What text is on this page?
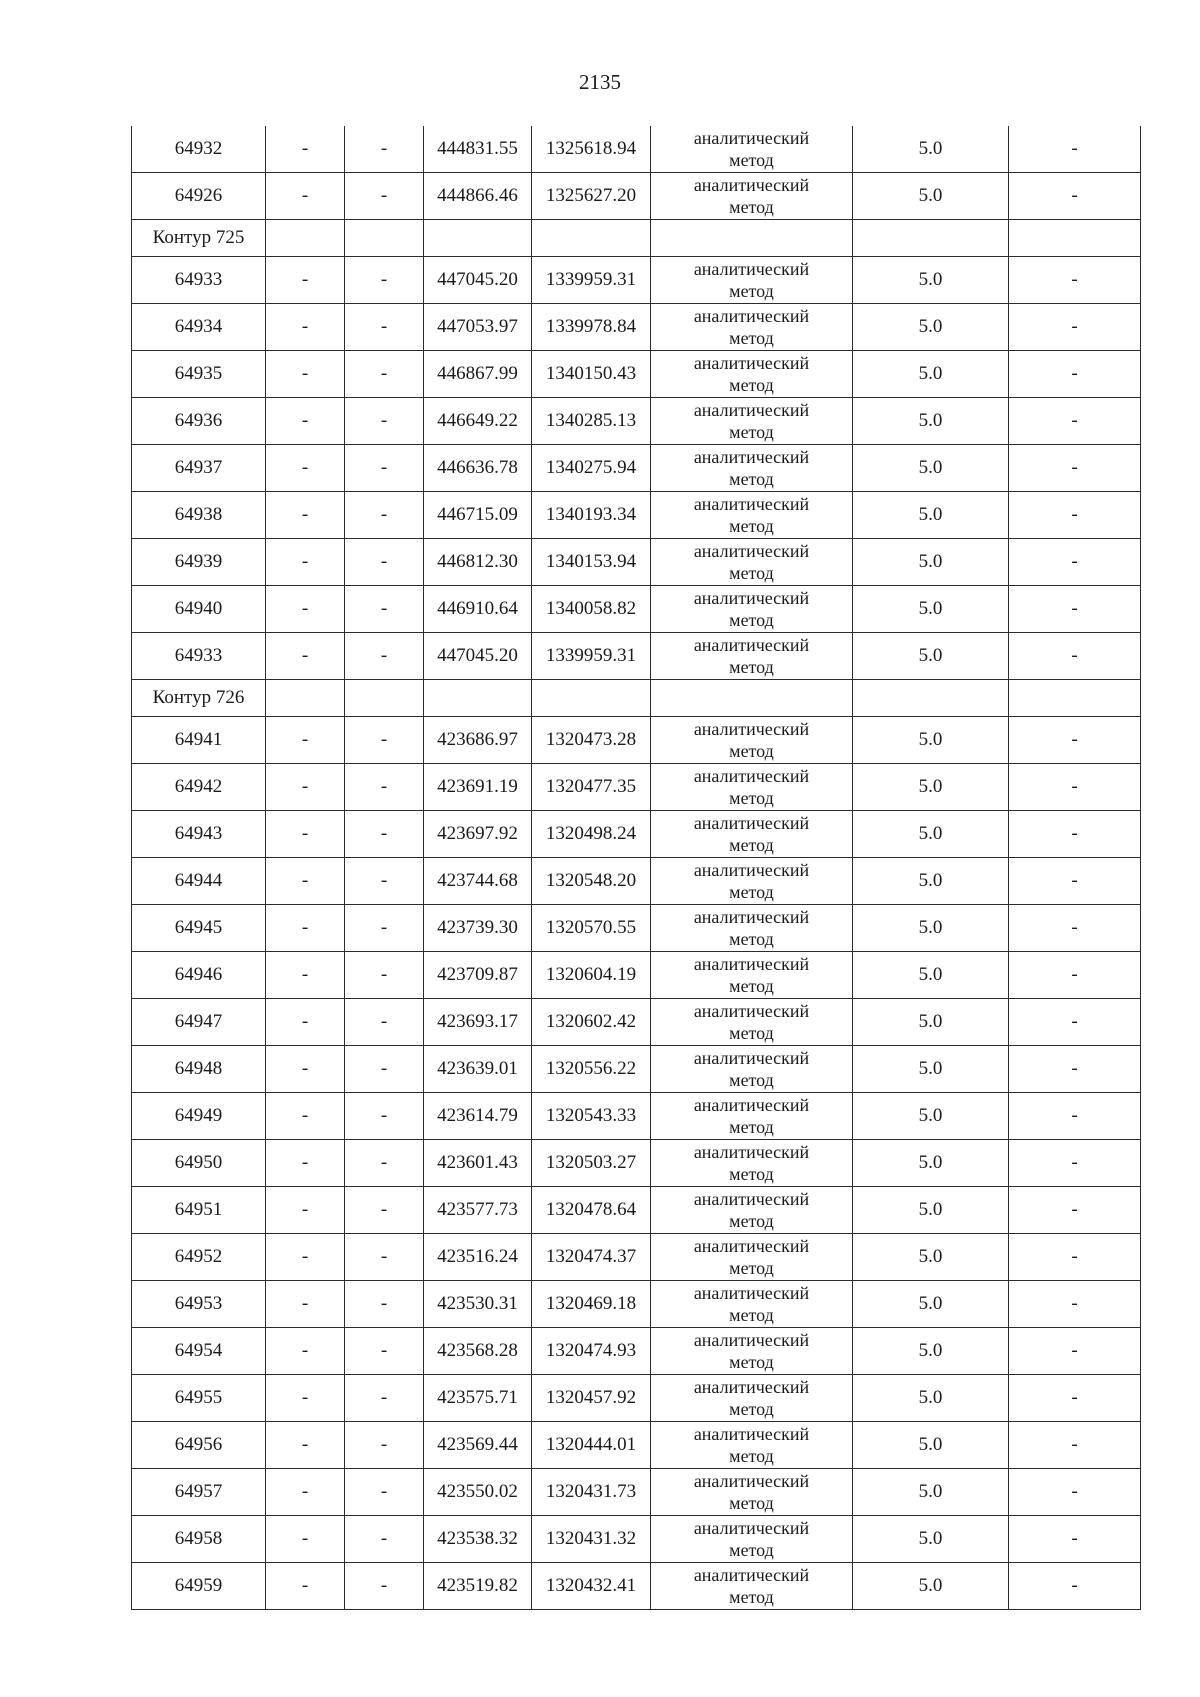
2135
64932	-	-	444831.55	1325618.94	аналитический
метод	5.0	-
64926	-	-	444866.46	1325627.20	аналитический
метод	5.0	-
Контур 725							
64933	-	-	447045.20	1339959.31	аналитический
метод	5.0	-
64934	-	-	447053.97	1339978.84	аналитический
метод	5.0	-
64935	-	-	446867.99	1340150.43	аналитический
метод	5.0	-
64936	-	-	446649.22	1340285.13	аналитический
метод	5.0	-
64937	-	-	446636.78	1340275.94	аналитический
метод	5.0	-
64938	-	-	446715.09	1340193.34	аналитический
метод	5.0	-
64939	-	-	446812.30	1340153.94	аналитический
метод	5.0	-
64940	-	-	446910.64	1340058.82	аналитический
метод	5.0	-
64933	-	-	447045.20	1339959.31	аналитический
метод	5.0	-
Контур 726							
64941	-	-	423686.97	1320473.28	аналитический
метод	5.0	-
64942	-	-	423691.19	1320477.35	аналитический
метод	5.0	-
64943	-	-	423697.92	1320498.24	аналитический
метод	5.0	-
64944	-	-	423744.68	1320548.20	аналитический
метод	5.0	-
64945	-	-	423739.30	1320570.55	аналитический
метод	5.0	-
64946	-	-	423709.87	1320604.19	аналитический
метод	5.0	-
64947	-	-	423693.17	1320602.42	аналитический
метод	5.0	-
64948	-	-	423639.01	1320556.22	аналитический
метод	5.0	-
64949	-	-	423614.79	1320543.33	аналитический
метод	5.0	-
64950	-	-	423601.43	1320503.27	аналитический
метод	5.0	-
64951	-	-	423577.73	1320478.64	аналитический
метод	5.0	-
64952	-	-	423516.24	1320474.37	аналитический
метод	5.0	-
64953	-	-	423530.31	1320469.18	аналитический
метод	5.0	-
64954	-	-	423568.28	1320474.93	аналитический
метод	5.0	-
64955	-	-	423575.71	1320457.92	аналитический
метод	5.0	-
64956	-	-	423569.44	1320444.01	аналитический
метод	5.0	-
64957	-	-	423550.02	1320431.73	аналитический
метод	5.0	-
64958	-	-	423538.32	1320431.32	аналитический
метод	5.0	-
64959	-	-	423519.82	1320432.41	аналитический
метод	5.0	-
